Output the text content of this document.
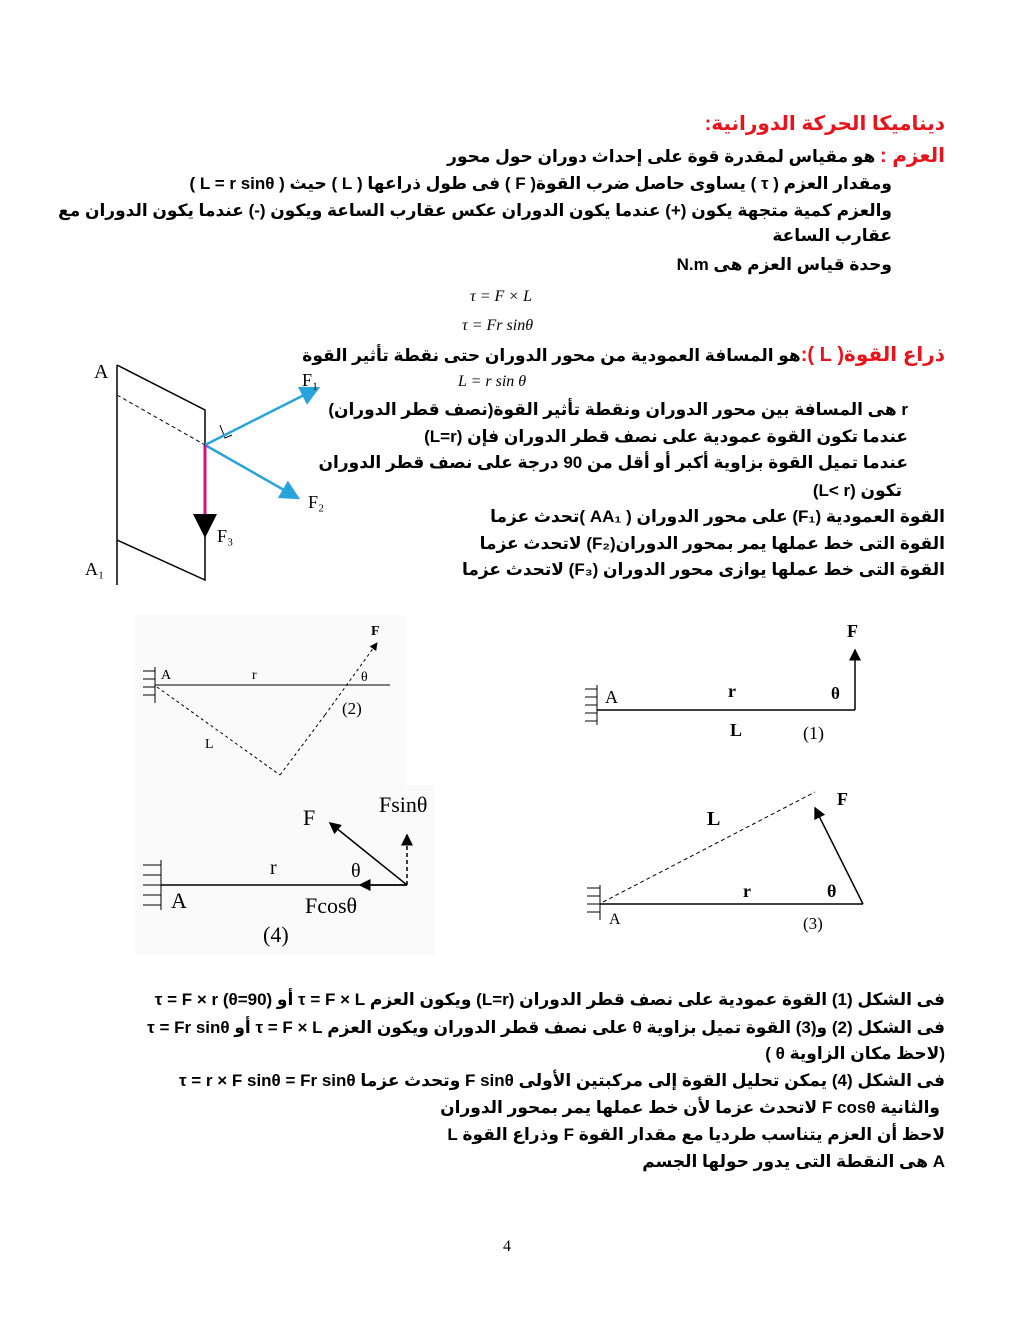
ديناميكا الحركة الدورانية:
العزم : هو مقياس لمقدرة قوة على إحداث دوران حول محور
ومقدار العزم ( τ ) يساوى حاصل ضرب القوة( F ) فى طول ذراعها ( L ) حيث ( L = r sinθ )
والعزم كمية متجهة يكون (+) عندما يكون الدوران عكس عقارب الساعة ويكون (-) عندما يكون الدوران مع
عقارب الساعة
وحدة قياس العزم هى N.m
τ = F × L
τ = Fr sinθ
ذراع القوة( L ):هو المسافة العمودية من محور الدوران حتى نقطة تأثير القوة
L = r sin θ
r هى المسافة بين محور الدوران ونقطة تأثير القوة(نصف قطر الدوران)
عندما تكون القوة عمودية على نصف قطر الدوران فإن (L=r)
عندما تميل القوة بزاوية أكبر أو أقل من 90 درجة على نصف قطر الدوران
تكون (L< r)
القوة العمودية (F₁) على محور الدوران ( AA₁ )تحدث عزما
القوة التى خط عملها يمر بمحور الدوران(F₂) لاتحدث عزما
القوة التى خط عملها يوازى محور الدوران (F₃) لاتحدث عزما
A
A₁
F₁
F₂
F₃
A	r	θ
F
L
(2)
A	r	θ
F
L	(1)
A
r	θ
F
Fsinθ
Fcosθ
(4)
A
r	θ
F
L
(3)
فى الشكل (1) القوة عمودية على نصف قطر الدوران (L=r) ويكون العزم τ = F × L أو τ = F × r (θ=90)
فى الشكل (2) و(3) القوة تميل بزاوية θ على نصف قطر الدوران ويكون العزم τ = F × L أو τ = Fr sinθ
(لاحظ مكان الزاوية θ )
فى الشكل (4) يمكن تحليل القوة إلى مركبتين الأولى F sinθ وتحدث عزما τ = r × F sinθ = Fr sinθ
والثانية F cosθ لاتحدث عزما لأن خط عملها يمر بمحور الدوران
لاحظ أن العزم يتناسب طرديا مع مقدار القوة F وذراع القوة L
A هى النقطة التى يدور حولها الجسم
4
